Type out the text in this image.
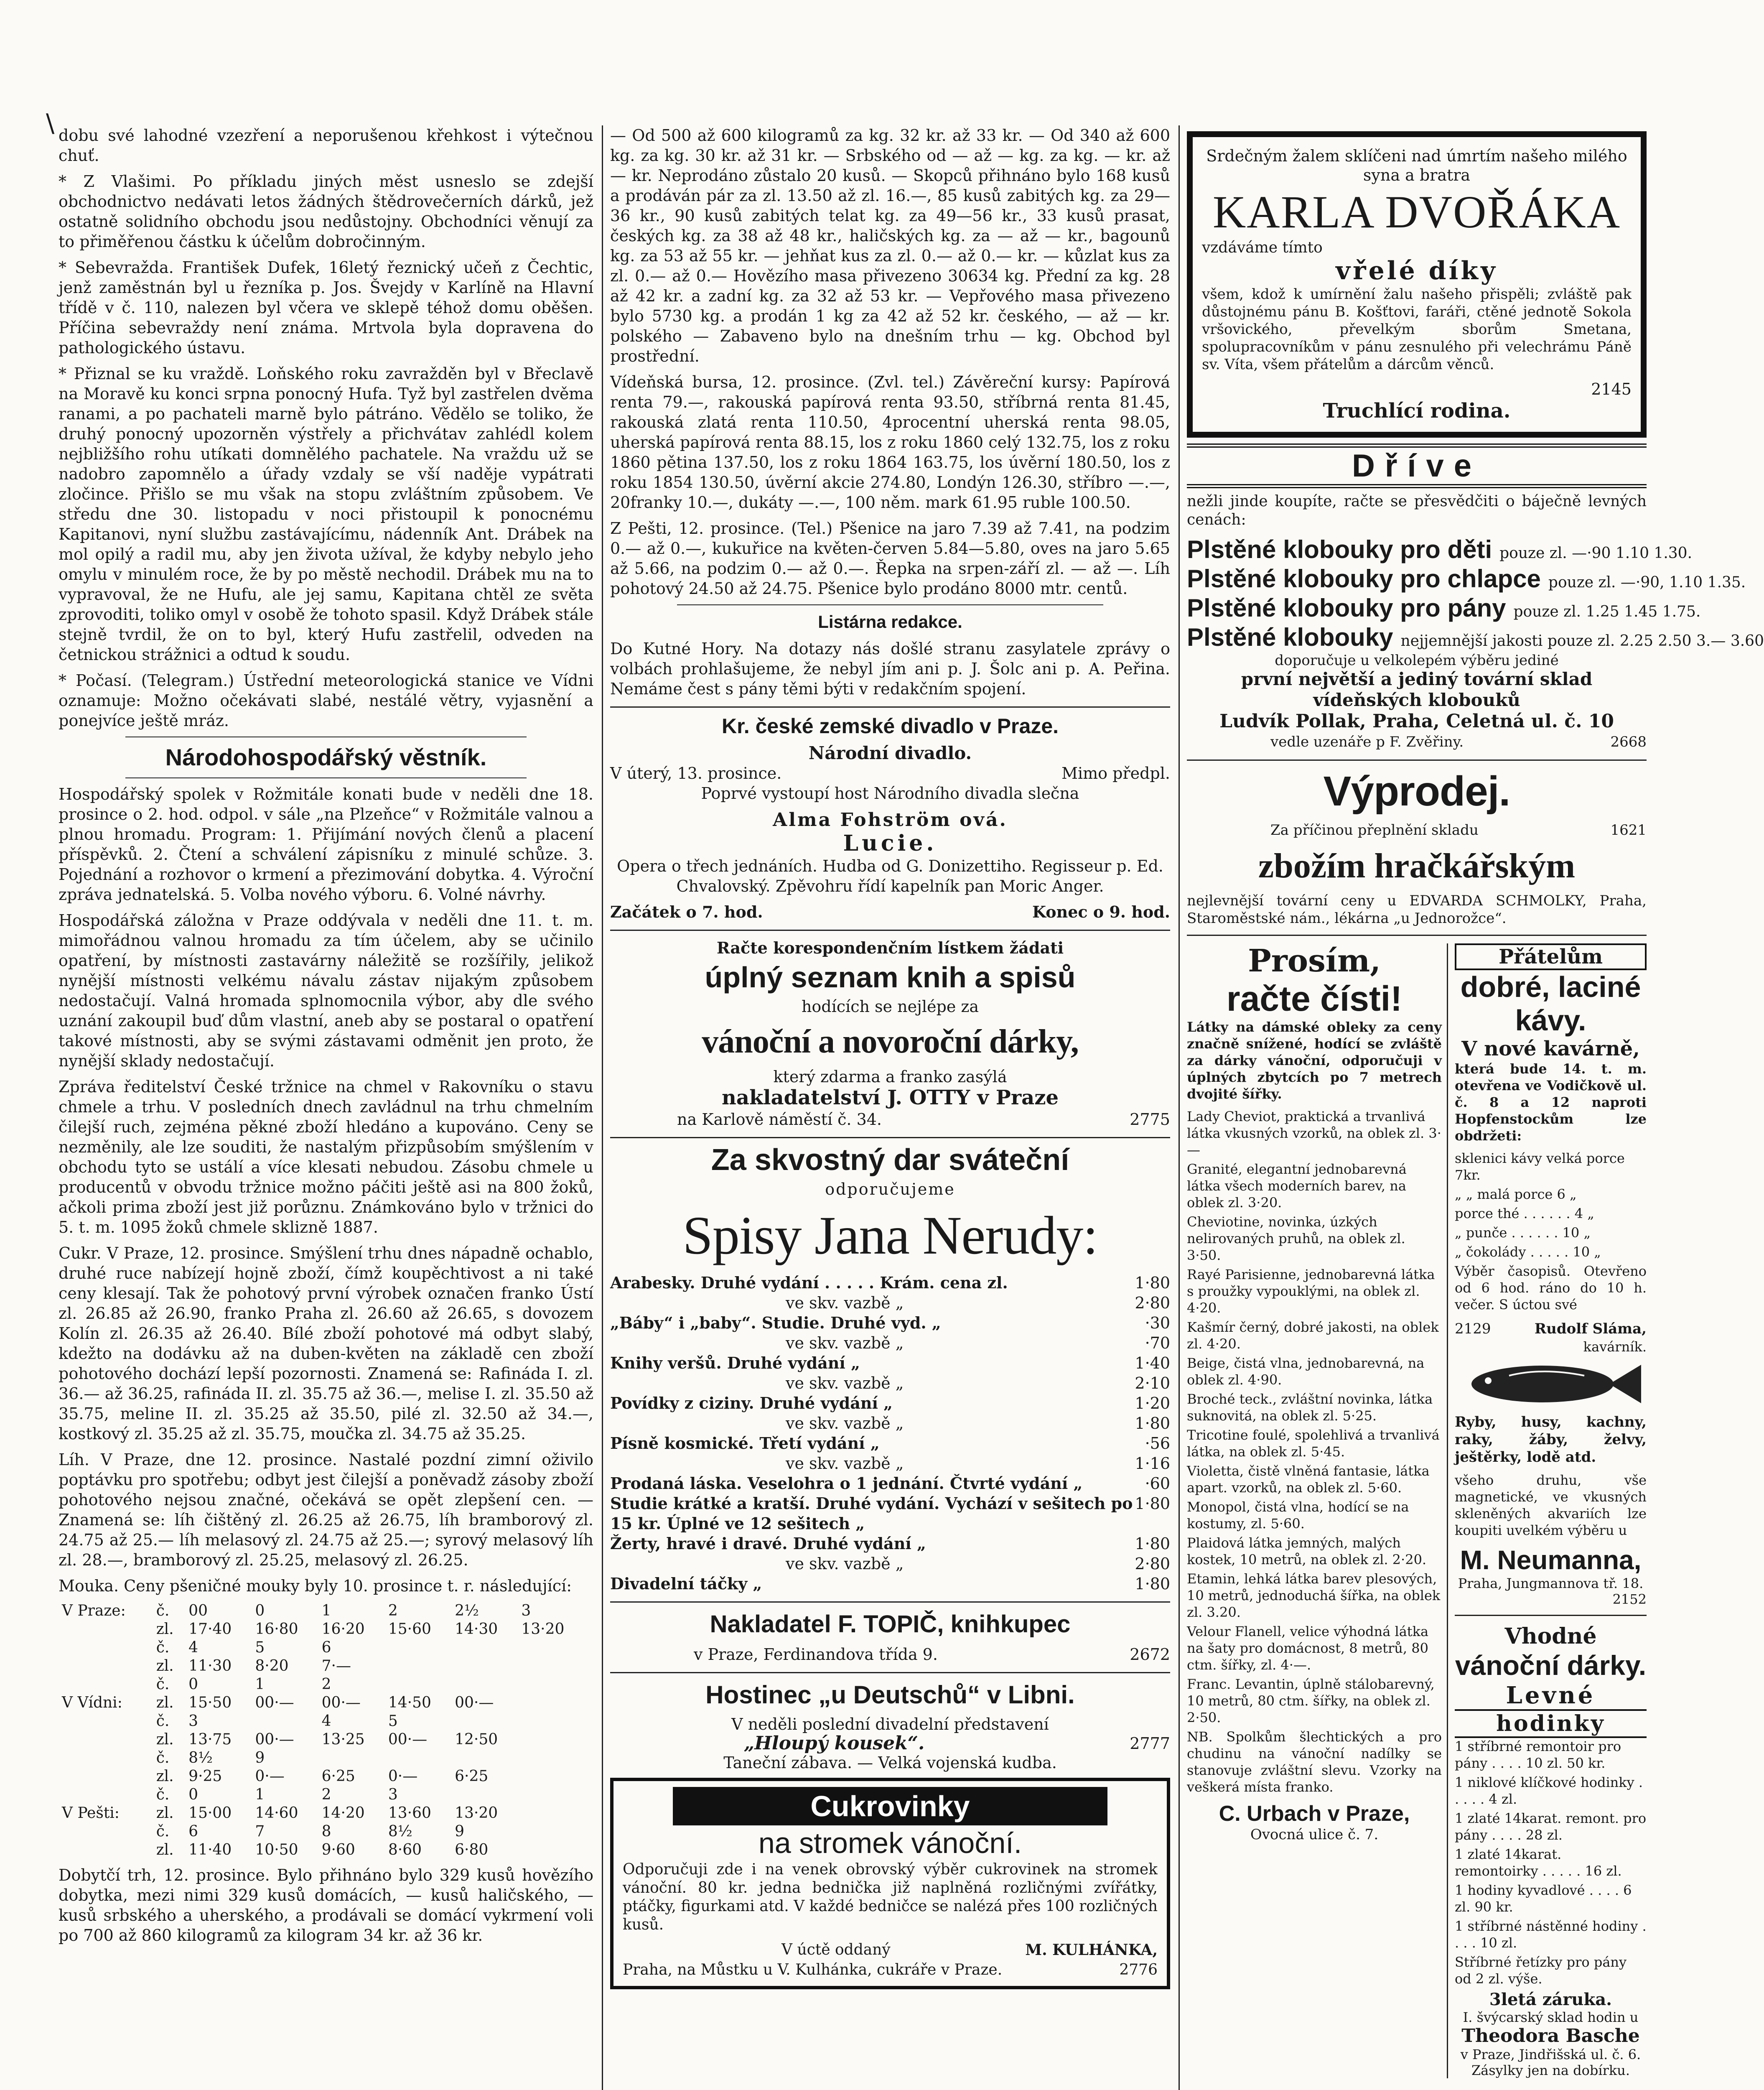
\ dobu své lahodné vzezření a neporušenou křehkost i výtečnou chuť.

* Z Vlašimi. Po příkladu jiných měst usneslo se zdejší obchodnictvo nedávati letos žádných štědrovečerních dárků, jež ostatně solidního obchodu jsou nedůstojny. Obchodníci věnují za to přiměřenou částku k účelům dobročinným.

* Sebevražda. František Dufek, 16letý řeznický učeň z Čechtic, jenž zaměstnán byl u řezníka p. Jos. Švejdy v Karlíně na Hlavní třídě v č. 110, nalezen byl včera ve sklepě téhož domu oběšen. Příčina sebevraždy není známa. Mrtvola byla dopravena do pathologického ústavu.

* Přiznal se ku vraždě. Loňského roku zavražděn byl v Břeclavě na Moravě ku konci srpna ponocný Hufa. Tyž byl zastřelen dvěma ranami, a po pachateli marně bylo pátráno. Vědělo se toliko, že druhý ponocný upozorněn výstřely a přichvátav zahlédl kolem nejbližšího rohu utíkati domnělého pachatele. Na vraždu už se nadobro zapomnělo a úřady vzdaly se vší naděje vypátrati zločince. Přišlo se mu však na stopu zvláštním způsobem. Ve středu dne 30. listopadu v noci přistoupil k ponocnému Kapitanovi, nyní službu zastávajícímu, nádenník Ant. Drábek na mol opilý a radil mu, aby jen života užíval, že kdyby nebylo jeho omylu v minulém roce, že by po městě nechodil. Drábek mu na to vypravoval, že ne Hufu, ale jej samu, Kapitana chtěl ze světa zprovoditi, toliko omyl v osobě že tohoto spasil. Když Drábek stále stejně tvrdil, že on to byl, který Hufu zastřelil, odveden na četnickou strážnici a odtud k soudu.

* Počasí. (Telegram.) Ústřední meteorologická stanice ve Vídni oznamuje: Možno očekávati slabé, nestálé větry, vyjasnění a ponejvíce ještě mráz.

Národohospodářský věstník.

Hospodářský spolek v Rožmitále konati bude v neděli dne 18. prosince o 2. hod. odpol. v sále „na Plzeňce“ v Rožmitále valnou a plnou hromadu. Program: 1. Přijímání nových členů a placení příspěvků. 2. Čtení a schválení zápisníku z minulé schůze. 3. Pojednání a rozhovor o krmení a přezimování dobytka. 4. Výroční zpráva jednatelská. 5. Volba nového výboru. 6. Volné návrhy.

Hospodářská záložna v Praze oddývala v neděli dne 11. t. m. mimořádnou valnou hromadu za tím účelem, aby se učinilo opatření, by místnosti zastavárny náležitě se rozšířily, jelikož nynější místnosti velkému návalu zástav nijakým způsobem nedostačují. Valná hromada splnomocnila výbor, aby dle svého uznání zakoupil buď dům vlastní, aneb aby se postaral o opatření takové místnosti, aby se svými zástavami odměnit jen proto, že nynější sklady nedostačují.

Zpráva ředitelství České tržnice na chmel v Rakovníku o stavu chmele a trhu. V posledních dnech zavládnul na trhu chmelním čilejší ruch, zejména pěkné zboží hledáno a kupováno. Ceny se nezměnily, ale lze souditi, že nastalým přizpůsobím smýšlením v obchodu tyto se ustálí a více klesati nebudou. Zásobu chmele u producentů v obvodu tržnice možno páčiti ještě asi na 800 žoků, ačkoli prima zboží jest již porůznu. Známkováno bylo v tržnici do 5. t. m. 1095 žoků chmele sklizně 1887.

Cukr. V Praze, 12. prosince. Smýšlení trhu dnes nápadně ochablo, druhé ruce nabízejí hojně zboží, čímž koupěchtivost a ni také ceny klesají. Tak že pohotový první výrobek označen franko Ústí zl. 26.85 až 26.90, franko Praha zl. 26.60 až 26.65, s dovozem Kolín zl. 26.35 až 26.40. Bílé zboží pohotové má odbyt slabý, kdežto na dodávku až na duben-květen na základě cen zboží pohotového dochází lepší pozornosti. Znamená se: Rafináda I. zl. 36.— až 36.25, rafináda II. zl. 35.75 až 36.—, melise I. zl. 35.50 až 35.75, meline II. zl. 35.25 až 35.50, pilé zl. 32.50 až 34.—, kostkový zl. 35.25 až zl. 35.75, moučka zl. 34.75 až 35.25.

Líh. V Praze, dne 12. prosince. Nastalé pozdní zimní oživilo poptávku pro spotřebu; odbyt jest čilejší a poněvadž zásoby zboží pohotového nejsou značné, očekává se opět zlepšení cen. — Znamená se: líh čištěný zl. 26.25 až 26.75, líh bramborový zl. 24.75 až 25.— líh melasový zl. 24.75 až 25.—; syrový melasový líh zl. 28.—, bramborový zl. 25.25, melasový zl. 26.25.

Mouka. Ceny pšeničné mouky byly 10. prosince t. r. následující:

V Praze:	č.	00	0	1	2	2½	3	
	zl.	17·40	16·80	16·20	15·60	14·30	13·20	
	č.	4	5	6				
	zl.	11·30	8·20	7·—				
	č.	0	1	2				
V Vídni:	zl.	15·50	00·—	00·—	14·50	00·—		
	č.	3		4	5			
	zl.	13·75	00·—	13·25	00·—	12·50		
	č.	8¹⁄₂	9					
	zl.	9·25	0·—	6·25	0·—	6·25		
	č.	0	1	2	3			
V Pešti:	zl.	15·00	14·60	14·20	13·60	13·20		
	č.	6	7	8	8¹⁄₂	9		
	zl.	11·40	10·50	9·60	8·60	6·80		

Dobytčí trh, 12. prosince. Bylo přihnáno bylo 329 kusů hovězího dobytka, mezi nimi 329 kusů domácích, — kusů haličského, — kusů srbského a uherského, a prodávali se domácí vykrmení voli po 700 až 860 kilogramů za kilogram 34 kr. až 36 kr.

— Od 500 až 600 kilogramů za kg. 32 kr. až 33 kr. — Od 340 až 600 kg. za kg. 30 kr. až 31 kr. — Srbského od — až — kg. za kg. — kr. až — kr. Neprodáno zůstalo 20 kusů. — Skopců přihnáno bylo 168 kusů a prodáván pár za zl. 13.50 až zl. 16.—, 85 kusů zabitých kg. za 29—36 kr., 90 kusů zabitých telat kg. za 49—56 kr., 33 kusů prasat, českých kg. za 38 až 48 kr., haličských kg. za — až — kr., bagounů kg. za 53 až 55 kr. — jehňat kus za zl. 0.— až 0.— kr. — kůzlat kus za zl. 0.— až 0.— Hovězího masa přivezeno 30634 kg. Přední za kg. 28 až 42 kr. a zadní kg. za 32 až 53 kr. — Vepřového masa přivezeno bylo 5730 kg. a prodán 1 kg za 42 až 52 kr. českého, — až — kr. polského — Zabaveno bylo na dnešním trhu — kg. Obchod byl prostřední.

Vídeňská bursa, 12. prosince. (Zvl. tel.) Závěreční kursy: Papírová renta 79.—, rakouská papírová renta 93.50, stříbrná renta 81.45, rakouská zlatá renta 110.50, 4procentní uherská renta 98.05, uherská papírová renta 88.15, los z roku 1860 celý 132.75, los z roku 1860 pětina 137.50, los z roku 1864 163.75, los úvěrní 180.50, los z roku 1854 130.50, úvěrní akcie 274.80, Londýn 126.30, stříbro —.—, 20franky 10.—, dukáty —.—, 100 něm. mark 61.95 ruble 100.50.

Z Pešti, 12. prosince. (Tel.) Pšenice na jaro 7.39 až 7.41, na podzim 0.— až 0.—, kukuřice na květen-červen 5.84—5.80, oves na jaro 5.65 až 5.66, na podzim 0.— až 0.—. Řepka na srpen-září zl. — až —. Líh pohotový 24.50 až 24.75. Pšenice bylo prodáno 8000 mtr. centů.

Listárna redakce.

Do Kutné Hory. Na dotazy nás došlé stranu zasylatele zprávy o volbách prohlašujeme, že nebyl jím ani p. J. Šolc ani p. A. Peřina. Nemáme čest s pány těmi býti v redakčním spojení.

Kr. české zemské divadlo v Praze.
Národní divadlo.
V úterý, 13. prosince.	Mimo předpl.

Poprvé vystoupí host Národního divadla slečna

Alma Fohström ová.
Lucie.

Opera o třech jednáních. Hudba od G. Donizettiho. Regisseur p. Ed. Chvalovský. Zpěvohru řídí kapelník pan Moric Anger.

Začátek o 7. hod.	Konec o 9. hod.
Račte korespondenčním lístkem žádati
úplný seznam knih a spisů
hodících se nejlépe za
vánoční a novoroční dárky,
který zdarma a franko zasýlá
nakladatelství J. OTTY v Praze
na Karlově náměstí č. 34.	2775
Za skvostný dar sváteční
odporučujeme
Spisy Jana Nerudy:
Arabesky. Druhé vydání . . . . . Krám. cena zl.	1·80
ve skv. vazbě „	2·80
„Báby“ i „baby“. Studie. Druhé vyd. „	·30
ve skv. vazbě „	·70
Knihy veršů. Druhé vydání „	1·40
ve skv. vazbě „	2·10
Povídky z ciziny. Druhé vydání „	1·20
ve skv. vazbě „	1·80
Písně kosmické. Třetí vydání „	·56
ve skv. vazbě „	1·16
Prodaná láska. Veselohra o 1 jednání. Čtvrté vydání „	·60
Studie krátké a kratší. Druhé vydání. Vychází v sešitech po 15 kr. Úplné ve 12 sešitech „
1·80
Žerty, hravé i dravé. Druhé vydání „	1·80
ve skv. vazbě „	2·80
Divadelní táčky „	1·80
Nakladatel F. TOPIČ, knihkupec
v Praze, Ferdinandova třída 9.	2672
Hostinec „u Deutschů“ v Libni.
V neděli poslední divadelní představení
„Hloupý kousek“.	2777
Taneční zábava. — Velká vojenská kudba.
Cukrovinky
na stromek vánoční.

Odporučuji zde i na venek obrovský výběr cukrovinek na stromek vánoční. 80 kr. jedna bednička již naplněná rozličnými zvířátky, ptáčky, figurkami atd. V každé bedničce se nalézá přes 100 rozličných kusů.

V úctě oddaný	M. KULHÁNKA,
Praha, na Můstku u V. Kulhánka, cukráře v Praze.	2776
Srdečným žalem sklíčeni nad úmrtím našeho milého syna a bratra
KARLA DVOŘÁKA
vzdáváme tímto
vřelé díky

všem, kdož k umírnění žalu našeho přispěli; zvláště pak důstojnému pánu B. Košťtovi, faráři, ctěné jednotě Sokola vršovického, převelkým sborům Smetana, spolupracovníkům v pánu zesnulého při velechrámu Páně sv. Víta, všem přátelům a dárcům věnců.

2145
Truchlící rodina.
Dříve

nežli jinde koupíte, račte se přesvědčiti o báječně levných cenách:

Plstěné klobouky pro děti pouze zl. —·90 1.10 1.30.
Plstěné klobouky pro chlapce pouze zl. —·90, 1.10 1.35.
Plstěné klobouky pro pány pouze zl. 1.25 1.45 1.75.
Plstěné klobouky nejjemnější jakosti pouze zl. 2.25 2.50 3.— 3.60
doporučuje u velkolepém výběru jediné
první největší a jediný tovární sklad vídeňských klobouků
Ludvík Pollak, Praha, Celetná ul. č. 10
vedle uzenáře p F. Zvěřiny.	2668
Výprodej.
Za příčinou přeplnění skladu	1621
zbožím hračkářským

nejlevnější tovární ceny u EDVARDA SCHMOLKY, Praha, Staroměstské nám., lékárna „u Jednorožce“.

Prosím,
račte čísti!

Látky na dámské obleky za ceny značně snížené, hodící se zvláště za dárky vánoční, odporučuji v úplných zbytcích po 7 metrech dvojité šířky.

Lady Cheviot, praktická a trvanlivá látka vkusných vzorků, na oblek zl. 3·—
Granité, elegantní jednobarevná látka všech moderních barev, na oblek zl. 3·20.
Cheviotine, novinka, úzkých nelirovaných pruhů, na oblek zl. 3·50.
Rayé Parisienne, jednobarevná látka s proužky vypouklými, na oblek zl. 4·20.
Kašmír černý, dobré jakosti, na oblek zl. 4·20.
Beige, čistá vlna, jednobarevná, na oblek zl. 4·90.
Broché teck., zvláštní novinka, látka suknovitá, na oblek zl. 5·25.
Tricotine foulé, spolehlivá a trvanlivá látka, na oblek zl. 5·45.
Violetta, čistě vlněná fantasie, látka apart. vzorků, na oblek zl. 5·60.
Monopol, čistá vlna, hodící se na kostumy, zl. 5·60.
Plaidová látka jemných, malých kostek, 10 metrů, na oblek zl. 2·20.
Etamin, lehká látka barev plesových, 10 metrů, jednoduchá šířka, na oblek zl. 3.20.
Velour Flanell, velice výhodná látka na šaty pro domácnost, 8 metrů, 80 ctm. šířky, zl. 4·—.
Franc. Levantin, úplně stálobarevný, 10 metrů, 80 ctm. šířky, na oblek zl. 2·50.

NB. Spolkům šlechtických a pro chudinu na vánoční nadílky se stanovuje zvláštní slevu. Vzorky na veškerá místa franko.

C. Urbach v Praze,
Ovocná ulice č. 7.
Přátelům
dobré, laciné kávy.
V nové kavárně,

která bude 14. t. m. otevřena ve Vodičkově ul. č. 8 a 12 naproti Hopfenstockům lze obdržeti:

sklenici kávy velká porce 7kr.
„ „ malá porce 6 „
porce thé . . . . . . 4 „
„ punče . . . . . . 10 „
„ čokolády . . . . . 10 „

Výběr časopisů. Otevřeno od 6 hod. ráno do 10 h. večer. S úctou své

2129	Rudolf Sláma,
kavárník.

Ryby, husy, kachny, raky, žáby, želvy, ještěrky, lodě atd.

všeho druhu, vše magnetické, ve vkusných skleněných akvariích lze koupiti uvelkém výběru u

M. Neumanna,
Praha, Jungmannova tř. 18.
2152
Vhodné
vánoční dárky.
Levné
hodinky
1 stříbrné remontoir pro pány . . . . 10 zl. 50 kr.
1 niklové klíčkové hodinky . . . . . 4 zl.
1 zlaté 14karat. remont. pro pány . . . . 28 zl.
1 zlaté 14karat. remontoirky . . . . . 16 zl.
1 hodiny kyvadlové . . . . 6 zl. 90 kr.
1 stříbrné nástěnné hodiny . . . . 10 zl.
Stříbrné řetízky pro pány od 2 zl. výše.
3letá záruka.
I. švýcarský sklad hodin u
Theodora Basche
v Praze, Jindřišská ul. č. 6.
Zásylky jen na dobírku.
